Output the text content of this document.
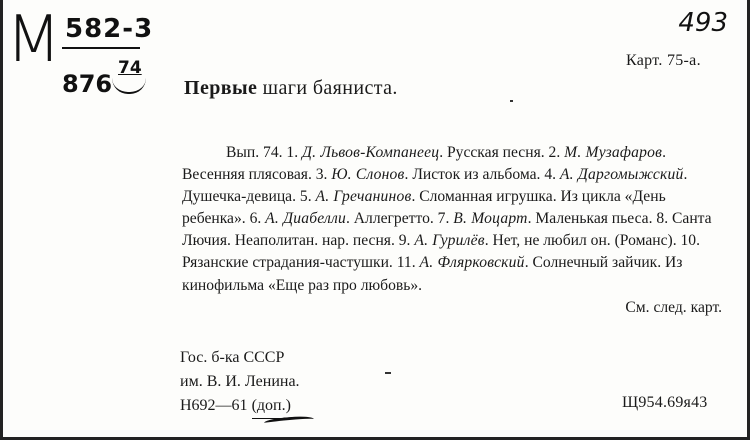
М 582-3
876
74
493
Карт. 75-а.
Первые шаги баяниста.

Вып. 74. 1. Д. Львов-Компанеец. Русская песня. 2. М. Музафаров. Весенняя плясовая. 3. Ю. Слонов. Листок из альбома. 4. А. Даргомыжский. Душечка-девица. 5. А. Гречанинов. Сломанная игрушка. Из цикла «День ребенка». 6. А. Диабелли. Аллегретто. 7. В. Моцарт. Маленькая пьеса. 8. Санта Лючия. Неаполитан. нар. песня. 9. А. Гурилёв. Нет, не любил он. (Романс). 10. Рязанские страдания-частушки. 11. А. Флярковский. Солнечный зайчик. Из кинофильма «Еще раз про любовь».

См. след. карт.

Гос. б-ка СССР
им. В. И. Ленина.
Н692—61 (доп.)	Щ954.69я43
